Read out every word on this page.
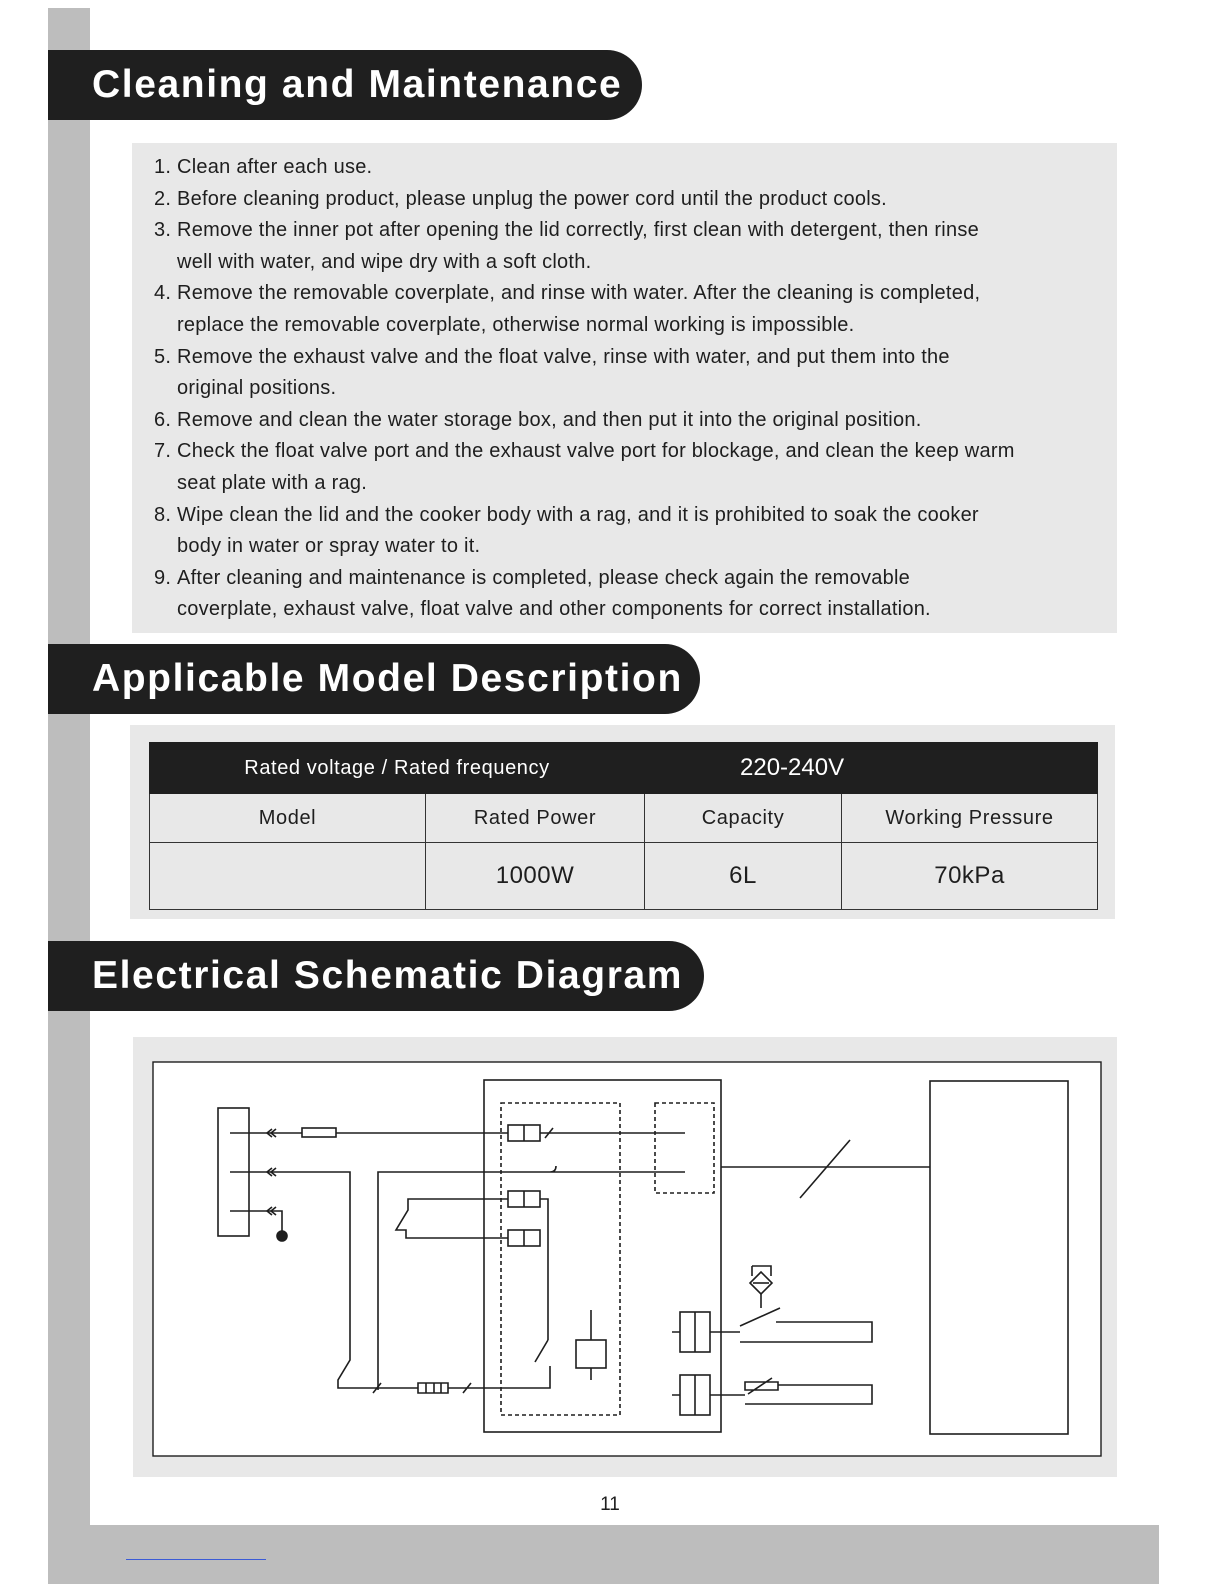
Cleaning and Maintenance
1. Clean after each use.
2. Before cleaning product, please unplug the power cord until the product cools.
3. Remove the inner pot after opening the lid correctly, first clean with detergent, then rinse
well with water, and wipe dry with a soft cloth.
4. Remove the removable coverplate, and rinse with water. After the cleaning is completed,
replace the removable coverplate, otherwise normal working is impossible.
5. Remove the exhaust valve and the float valve, rinse with water, and put them into the
original positions.
6. Remove and clean the water storage box, and then put it into the original position.
7. Check the float valve port and the exhaust valve port for blockage, and clean the keep warm
seat plate with a rag.
8. Wipe clean the lid and the cooker body with a rag, and it is prohibited to soak the cooker
body in water or spray water to it.
9. After cleaning and maintenance is completed, please check again the removable
coverplate, exhaust valve, float valve and other components for correct installation.
Applicable Model Description
Rated voltage / Rated frequency		220-240V	
Model	Rated Power	Capacity	Working Pressure
	1000W	6L	70kPa
Electrical Schematic Diagram
11
